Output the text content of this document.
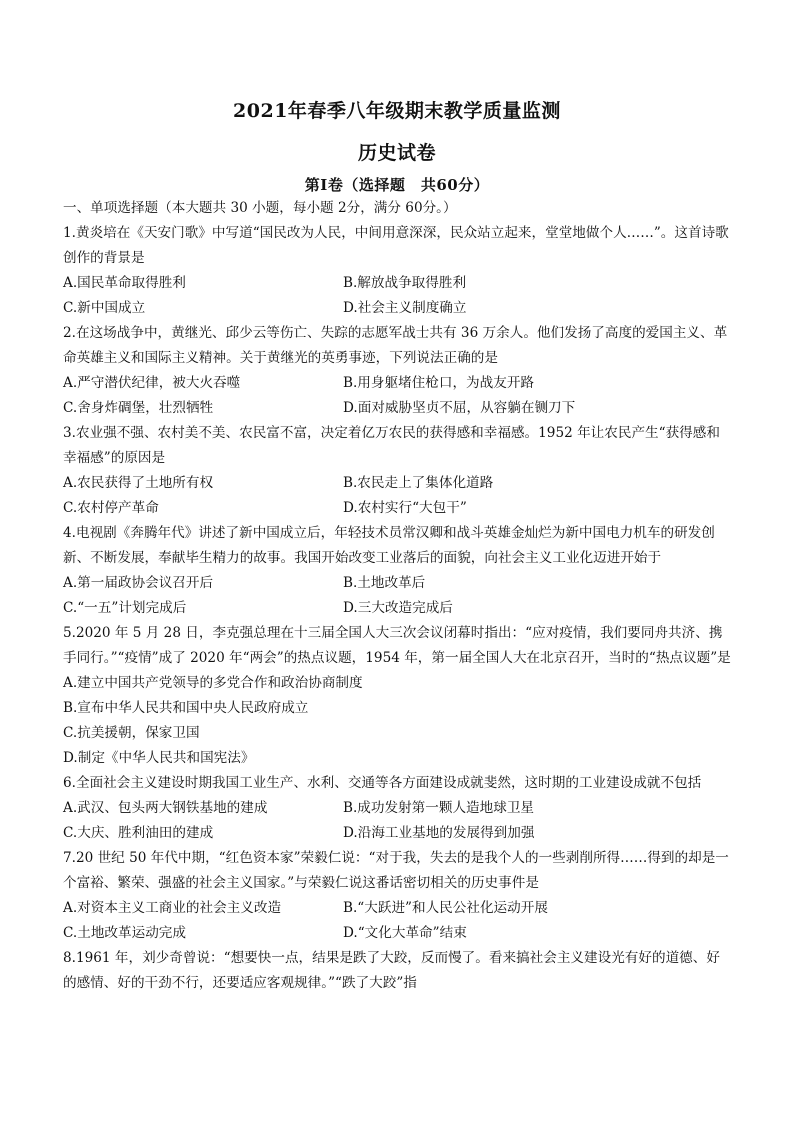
2021年春季八年级期末教学质量监测
历史试卷
第I卷（选择题　共60分）
一、单项选择题（本大题共 30 小题，每小题 2分，满分 60分。）
1.黄炎培在《天安门歌》中写道“国民改为人民，中间用意深深，民众站立起来，堂堂地做个人……”。这首诗歌创作的背景是
A.国民革命取得胜利	B.解放战争取得胜利
C.新中国成立	D.社会主义制度确立
2.在这场战争中，黄继光、邱少云等伤亡、失踪的志愿军战士共有 36 万余人。他们发扬了高度的爱国主义、革命英雄主义和国际主义精神。关于黄继光的英勇事迹，下列说法正确的是
A.严守潜伏纪律，被大火吞噬	B.用身躯堵住枪口，为战友开路
C.舍身炸碉堡，壮烈牺牲	D.面对威胁坚贞不屈，从容躺在铡刀下
3.农业强不强、农村美不美、农民富不富，决定着亿万农民的获得感和幸福感。1952 年让农民产生“获得感和幸福感”的原因是
A.农民获得了土地所有权	B.农民走上了集体化道路
C.农村停产革命	D.农村实行“大包干”
4.电视剧《奔腾年代》讲述了新中国成立后，年轻技术员常汉卿和战斗英雄金灿烂为新中国电力机车的研发创新、不断发展，奉献毕生精力的故事。我国开始改变工业落后的面貌，向社会主义工业化迈进开始于
A.第一届政协会议召开后	B.土地改革后
C.“一五”计划完成后	D.三大改造完成后
5.2020 年 5 月 28 日，李克强总理在十三届全国人大三次会议闭幕时指出：“应对疫情，我们要同舟共济、携手同行。”“疫情”成了 2020 年“两会”的热点议题，1954 年，第一届全国人大在北京召开，当时的“热点议题”是
A.建立中国共产党领导的多党合作和政治协商制度
B.宣布中华人民共和国中央人民政府成立
C.抗美援朝，保家卫国
D.制定《中华人民共和国宪法》
6.全面社会主义建设时期我国工业生产、水利、交通等各方面建设成就斐然，这时期的工业建设成就不包括
A.武汉、包头两大钢铁基地的建成	B.成功发射第一颗人造地球卫星
C.大庆、胜利油田的建成	D.沿海工业基地的发展得到加强
7.20 世纪 50 年代中期，“红色资本家”荣毅仁说：“对于我，失去的是我个人的一些剥削所得……得到的却是一个富裕、繁荣、强盛的社会主义国家。”与荣毅仁说这番话密切相关的历史事件是
A.对资本主义工商业的社会主义改造	B.“大跃进”和人民公社化运动开展
C.土地改革运动完成	D.“文化大革命”结束
8.1961 年，刘少奇曾说：“想要快一点，结果是跌了大跤，反而慢了。看来搞社会主义建设光有好的道德、好的感情、好的干劲不行，还要适应客观规律。”“跌了大跤”指
